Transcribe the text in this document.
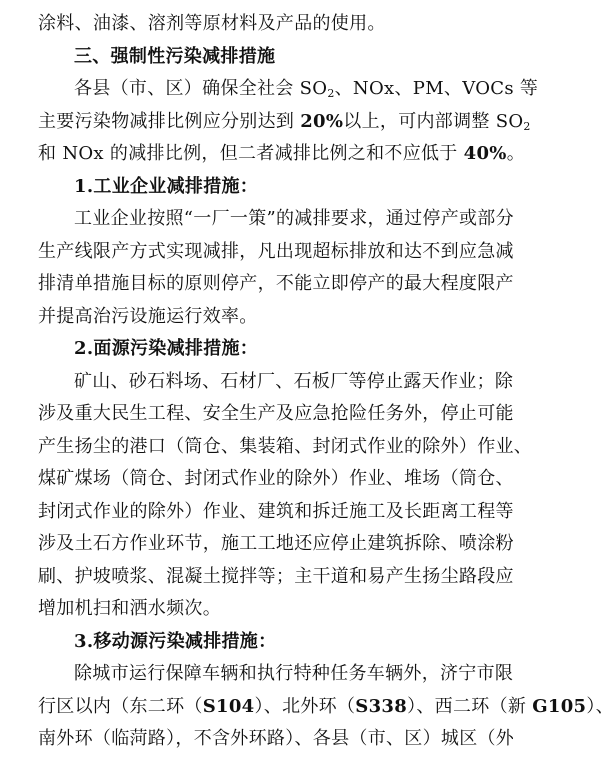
涂料、油漆、溶剂等原材料及产品的使用。
三、强制性污染减排措施
各县（市、区）确保全社会 $SO_2$、NOx、PM、VOCs 等
主要污染物减排比例应分别达到 20%以上，可内部调整 $SO_2$
和 NOx 的减排比例，但二者减排比例之和不应低于 40%。
1.工业企业减排措施：
工业企业按照“一厂一策”的减排要求，通过停产或部分
生产线限产方式实现减排，凡出现超标排放和达不到应急减
排清单措施目标的原则停产，不能立即停产的最大程度限产
并提高治污设施运行效率。
2.面源污染减排措施：
矿山、砂石料场、石材厂、石板厂等停止露天作业；除
涉及重大民生工程、安全生产及应急抢险任务外，停止可能
产生扬尘的港口（筒仓、集装箱、封闭式作业的除外）作业、
煤矿煤场（筒仓、封闭式作业的除外）作业、堆场（筒仓、
封闭式作业的除外）作业、建筑和拆迁施工及长距离工程等
涉及土石方作业环节，施工工地还应停止建筑拆除、喷涂粉
刷、护坡喷浆、混凝土搅拌等；主干道和易产生扬尘路段应
增加机扫和洒水频次。
3.移动源污染减排措施：
除城市运行保障车辆和执行特种任务车辆外，济宁市限
行区以内（东二环（S104）、北外环（S338）、西二环（新 G105）、
南外环（临菏路），不含外环路）、各县（市、区）城区（外
